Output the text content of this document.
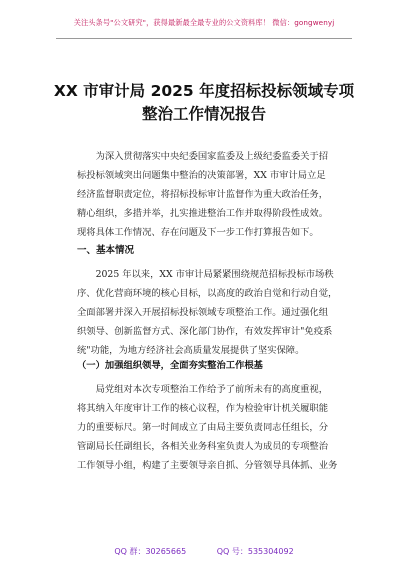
关注头条号"公文研究"，获得最新最全最专业的公文资料库！ 微信：gongwenyj
XX 市审计局 2025 年度招标投标领域专项
整治工作情况报告
为深入贯彻落实中央纪委国家监委及上级纪委监委关于招
标投标领域突出问题集中整治的决策部署，XX 市审计局立足
经济监督职责定位，将招标投标审计监督作为重大政治任务，
精心组织，多措并举，扎实推进整治工作并取得阶段性成效。
现将具体工作情况、存在问题及下一步工作打算报告如下。
一、基本情况
2025 年以来，XX 市审计局紧紧围绕规范招标投标市场秩
序、优化营商环境的核心目标，以高度的政治自觉和行动自觉，
全面部署并深入开展招标投标领域专项整治工作。通过强化组
织领导、创新监督方式、深化部门协作，有效发挥审计"免疫系
统"功能，为地方经济社会高质量发展提供了坚实保障。
（一）加强组织领导，全面夯实整治工作根基
局党组对本次专项整治工作给予了前所未有的高度重视，
将其纳入年度审计工作的核心议程，作为检验审计机关履职能
力的重要标尺。第一时间成立了由局主要负责同志任组长，分
管副局长任副组长，各相关业务科室负责人为成员的专项整治
工作领导小组，构建了主要领导亲自抓、分管领导具体抓、业务
QQ 群：30265665	QQ 号：535304092
